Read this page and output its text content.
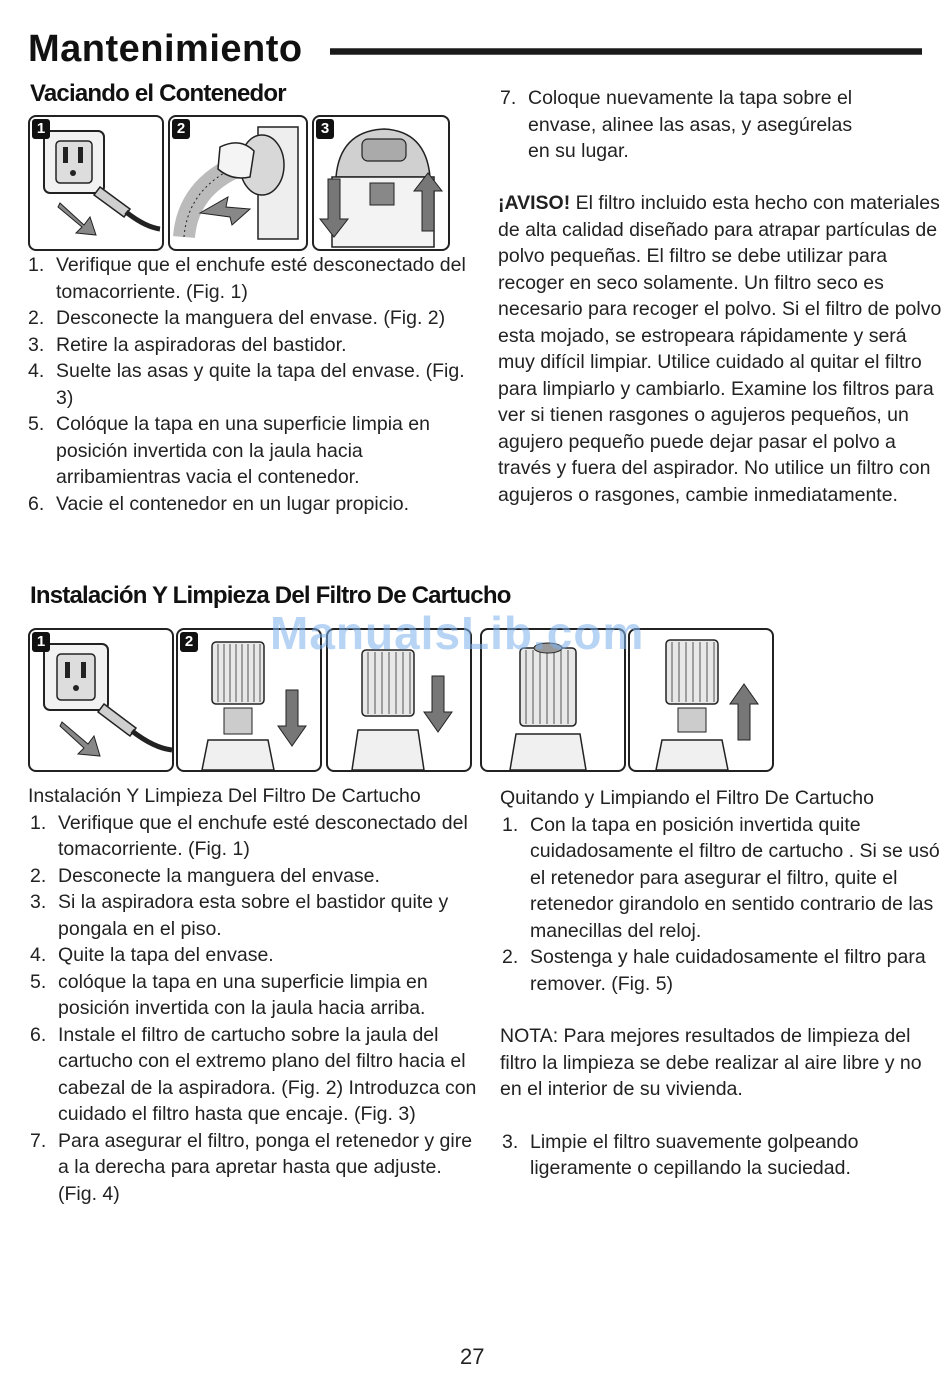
Mantenimiento
Vaciando el Contenedor
1	2	3
1. Verifique que el enchufe esté desconectado del tomacorriente. (Fig. 1)
2. Desconecte la manguera del envase. (Fig. 2)
3. Retire la aspiradoras del bastidor.
4. Suelte las asas y quite la tapa del envase. (Fig. 3)
5. Colóque la tapa en una superficie limpia en posición invertida con la jaula hacia arribamientras vacia el contenedor.
6. Vacie el contenedor en un lugar propicio.
7. Coloque nuevamente la tapa sobre el envase, alinee las asas, y asegúrelas en su lugar.

¡AVISO! El filtro incluido esta hecho con materiales de alta calidad diseñado para atrapar partículas de polvo pequeñas. El filtro se debe utilizar para recoger en seco solamente. Un filtro seco es necesario para recoger el polvo. Si el filtro de polvo esta mojado, se estropeara rápidamente y será muy difícil limpiar. Utilice cuidado al quitar el filtro para limpiarlo y cambiarlo. Examine los filtros para ver si tienen rasgones o agujeros pequeños, un agujero pequeño puede dejar pasar el polvo a través y fuera del aspirador. No utilice un filtro con agujeros o rasgones, cambie inmediatamente.

Instalación Y Limpieza Del Filtro De Cartucho
1	2 ManualsLib.com

Instalación Y Limpieza Del Filtro De Cartucho

1. Verifique que el enchufe esté desconectado del tomacorriente. (Fig. 1)
2. Desconecte la manguera del envase.
3. Si la aspiradora esta sobre el bastidor quite y pongala en el piso.
4. Quite la tapa del envase.
5. colóque la tapa en una superficie limpia en posición invertida con la jaula hacia arriba.
6. Instale el filtro de cartucho sobre la jaula del cartucho con el extremo plano del filtro hacia el cabezal de la aspiradora. (Fig. 2) Introduzca con cuidado el filtro hasta que encaje. (Fig. 3)
7. Para asegurar el filtro, ponga el retenedor y gire a la derecha para apretar hasta que adjuste. (Fig. 4)

Quitando y Limpiando el Filtro De Cartucho

1. Con la tapa en posición invertida quite cuidadosamente el filtro de cartucho . Si se usó el retenedor para asegurar el filtro, quite el retenedor girandolo en sentido contrario de las manecillas del reloj.
2. Sostenga y hale cuidadosamente el filtro para remover. (Fig. 5)

NOTA: Para mejores resultados de limpieza del filtro la limpieza se debe realizar al aire libre y no en el interior de su vivienda.

3. Limpie el filtro suavemente golpeando ligeramente o cepillando la suciedad.
27
